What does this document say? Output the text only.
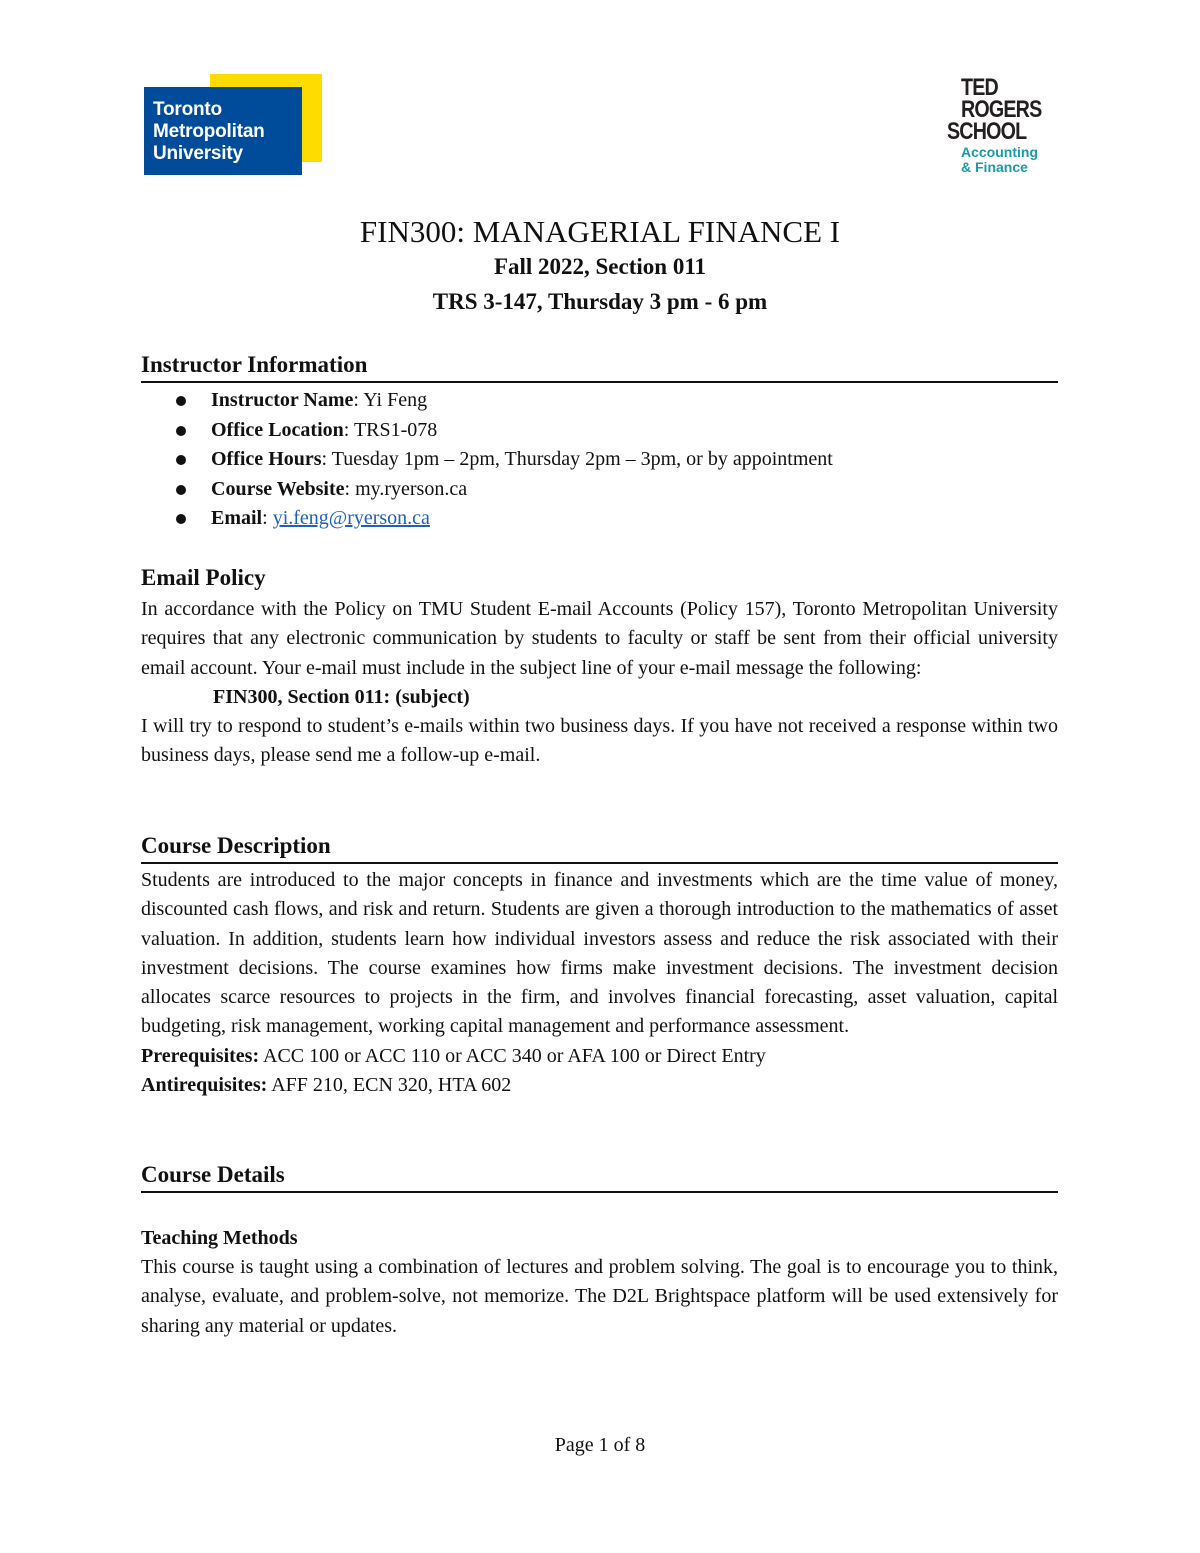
Toronto
Metropolitan
University
TED
ROGERS
SCHOOL
Accounting
& Finance
FIN300: MANAGERIAL FINANCE I
Fall 2022, Section 011
TRS 3-147, Thursday 3 pm - 6 pm
Instructor Information
Instructor Name: Yi Feng
Office Location: TRS1-078
Office Hours: Tuesday 1pm – 2pm, Thursday 2pm – 3pm, or by appointment
Course Website: my.ryerson.ca
Email: yi.feng@ryerson.ca
Email Policy
In accordance with the Policy on TMU Student E-mail Accounts (Policy 157), Toronto Metropolitan University requires that any electronic communication by students to faculty or staff be sent from their official university email account. Your e-mail must include in the subject line of your e-mail message the following:
FIN300, Section 011: (subject)
I will try to respond to student’s e-mails within two business days. If you have not received a response within two business days, please send me a follow-up e-mail.
Course Description
Students are introduced to the major concepts in finance and investments which are the time value of money, discounted cash flows, and risk and return. Students are given a thorough introduction to the mathematics of asset valuation. In addition, students learn how individual investors assess and reduce the risk associated with their investment decisions. The course examines how firms make investment decisions. The investment decision allocates scarce resources to projects in the firm, and involves financial forecasting, asset valuation, capital budgeting, risk management, working capital management and performance assessment.
Prerequisites: ACC 100 or ACC 110 or ACC 340 or AFA 100 or Direct Entry
Antirequisites: AFF 210, ECN 320, HTA 602
Course Details
Teaching Methods
This course is taught using a combination of lectures and problem solving. The goal is to encourage you to think, analyse, evaluate, and problem-solve, not memorize. The D2L Brightspace platform will be used extensively for sharing any material or updates.
Page 1 of 8
